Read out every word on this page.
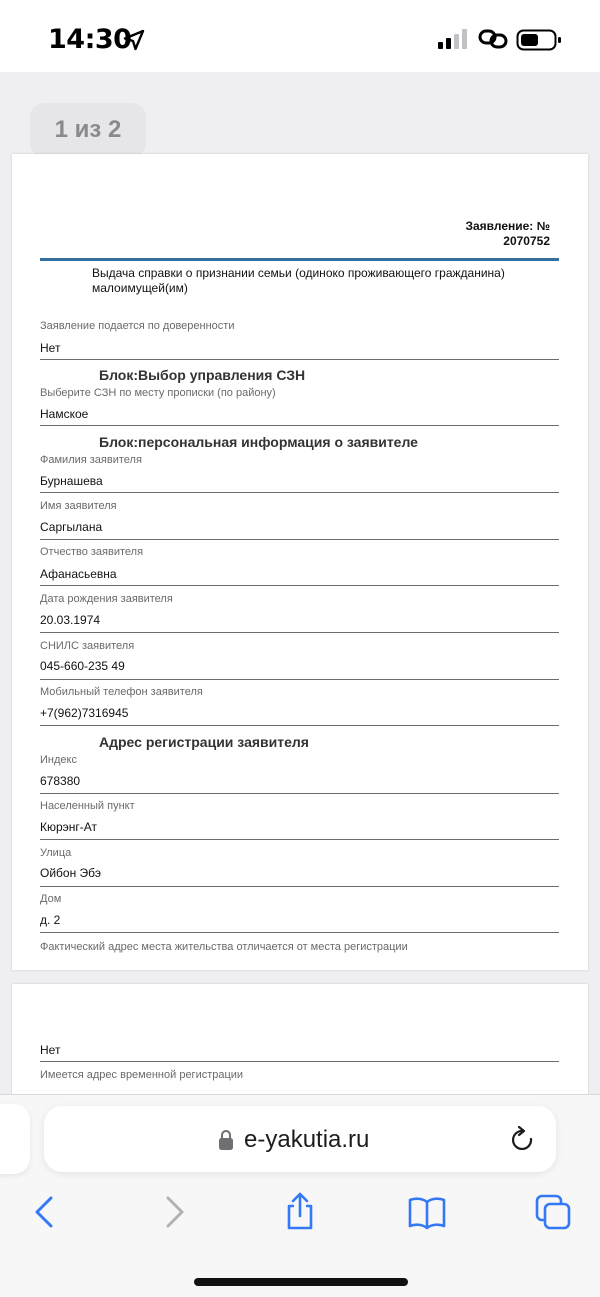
14:30
1 из 2
Заявление: №
2070752
Выдача справки о признании семьи (одиноко проживающего гражданина) малоимущей(им)
Заявление подается по доверенности
Нет
Блок:Выбор управления СЗН
Выберите СЗН по месту прописки (по району)
Намское
Блок:персональная информация о заявителе
Фамилия заявителя
Бурнашева
Имя заявителя
Саргылана
Отчество заявителя
Афанасьевна
Дата рождения заявителя
20.03.1974
СНИЛС заявителя
045-660-235 49
Мобильный телефон заявителя
+7(962)7316945
Адрес регистрации заявителя
Индекс
678380
Населенный пункт
Кюрэнг-Ат
Улица
Ойбон Эбэ
Дом
д. 2
Фактический адрес места жительства отличается от места регистрации
Нет
Имеется адрес временной регистрации
e-yakutia.ru
